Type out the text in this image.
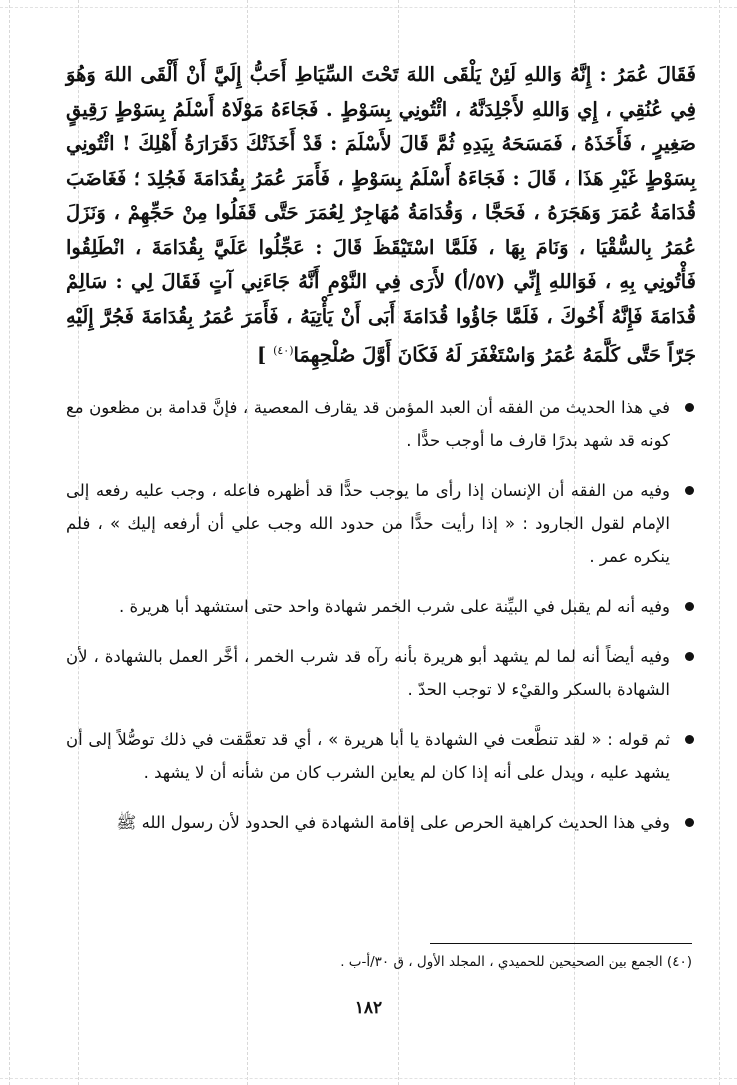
فَقَالَ عُمَرُ : إِنَّهُ وَاللهِ لَئِنْ يَلْقَى اللهَ تَحْتَ السِّيَاطِ أَحَبُّ إِلَيَّ أَنْ أَلْقَى اللهَ وَهُوَ فِي عُنُقِي ، إِي وَاللهِ لأَجْلِدَنَّهُ ، ائْتُونِي بِسَوْطٍ . فَجَاءَهُ مَوْلَاهُ أَسْلَمُ بِسَوْطٍ رَقِيقٍ صَغِيرٍ ، فَأَخَذَهُ ، فَمَسَحَهُ بِيَدِهِ ثُمَّ قَالَ لأَسْلَمَ : قَدْ أَخَذَتْكَ دَقَرَارَةُ أَهْلِكَ ! ائْتُونِي بِسَوْطٍ غَيْرِ هَذَا ، قَالَ : فَجَاءَهُ أَسْلَمُ بِسَوْطٍ ، فَأَمَرَ عُمَرُ بِقُدَامَةَ فَجُلِدَ ؛ فَغَاضَبَ قُدَامَةُ عُمَرَ وَهَجَرَهُ ، فَحَجَّا ، وَقُدَامَةُ مُهَاجِرٌ لِعُمَرَ حَتَّى قَفَلُوا مِنْ حَجِّهِمْ ، وَنَزَلَ عُمَرُ بِالسُّقْيَا ، وَنَامَ بِهَا ، فَلَمَّا اسْتَيْقَظَ قَالَ : عَجِّلُوا عَلَيَّ بِقُدَامَةَ ، انْطَلِقُوا فَأْتُونِي بِهِ ، فَوَاللهِ إِنِّي (٥٧/أ) لأَرَى فِي النَّوْمِ أَنَّهُ جَاءَنِي آتٍ فَقَالَ لِي : سَالِمْ قُدَامَةَ فَإِنَّهُ أَخُوكَ ، فَلَمَّا جَاؤُوا قُدَامَةَ أَبَى أَنْ يَأْتِيَهُ ، فَأَمَرَ عُمَرُ بِقُدَامَةَ فَجُرَّ إِلَيْهِ جَرّاً حَتَّى كَلَّمَهُ عُمَرُ وَاسْتَغْفَرَ لَهُ فَكَانَ أَوَّلَ صُلْحِهِمَا$^{(٤٠)}$ ]

في هذا الحديث من الفقه أن العبد المؤمن قد يقارف المعصية ، فإنَّ قدامة بن مظعون مع كونه قد شهد بدرًا قارف ما أوجب حدًّا .
وفيه من الفقه أن الإنسان إذا رأى ما يوجب حدًّا قد أظهره فاعله ، وجب عليه رفعه إلى الإمام لقول الجارود : « إذا رأيت حدًّا من حدود الله وجب علي أن أرفعه إليك » ، فلم ينكره عمر .
وفيه أنه لم يقبل في البيِّنة على شرب الخمر شهادة واحد حتى استشهد أبا هريرة .
وفيه أيضاً أنه لما لم يشهد أبو هريرة بأنه رآه قد شرب الخمر ، أخَّر العمل بالشهادة ، لأن الشهادة بالسكر والقيْء لا توجب الحدّ .
ثم قوله : « لقد تنطَّعت في الشهادة يا أبا هريرة » ، أي قد تعمَّقت في ذلك توصُّلاً إلى أن يشهد عليه ، ويدل على أنه إذا كان لم يعاين الشرب كان من شأنه أن لا يشهد .
وفي هذا الحديث كراهية الحرص على إقامة الشهادة في الحدود لأن رسول الله ﷺ
(٤٠) الجمع بين الصحيحين للحميدي ، المجلد الأول ، ق ٣٠/أ-ب .
١٨٢
